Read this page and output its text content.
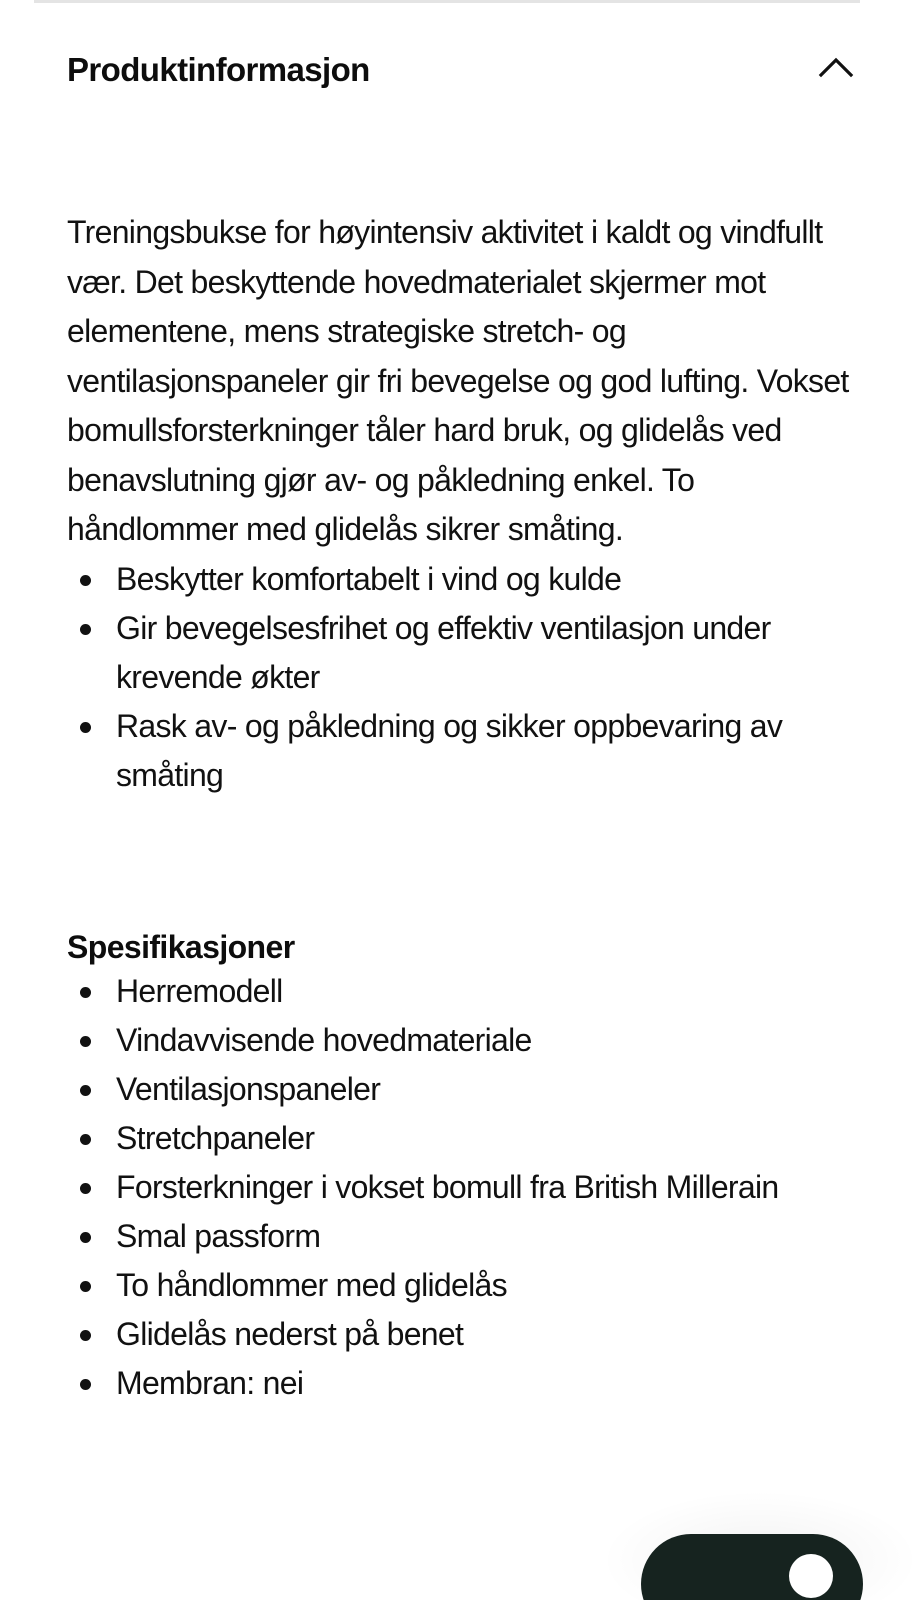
Produktinformasjon

Treningsbukse for høyintensiv aktivitet i kaldt og vindfullt vær. Det beskyttende hovedmaterialet skjermer mot elementene, mens strategiske stretch- og ventilasjonspaneler gir fri bevegelse og god lufting. Vokset bomullsforsterkninger tåler hard bruk, og glidelås ved benavslutning gjør av- og påkledning enkel. To håndlommer med glidelås sikrer småting.

Beskytter komfortabelt i vind og kulde
Gir bevegelsesfrihet og effektiv ventilasjon under krevende økter
Rask av- og påkledning og sikker oppbevaring av småting
Spesifikasjoner
Herremodell
Vindavvisende hovedmateriale
Ventilasjonspaneler
Stretchpaneler
Forsterkninger i vokset bomull fra British Millerain
Smal passform
To håndlommer med glidelås
Glidelås nederst på benet
Membran: nei
